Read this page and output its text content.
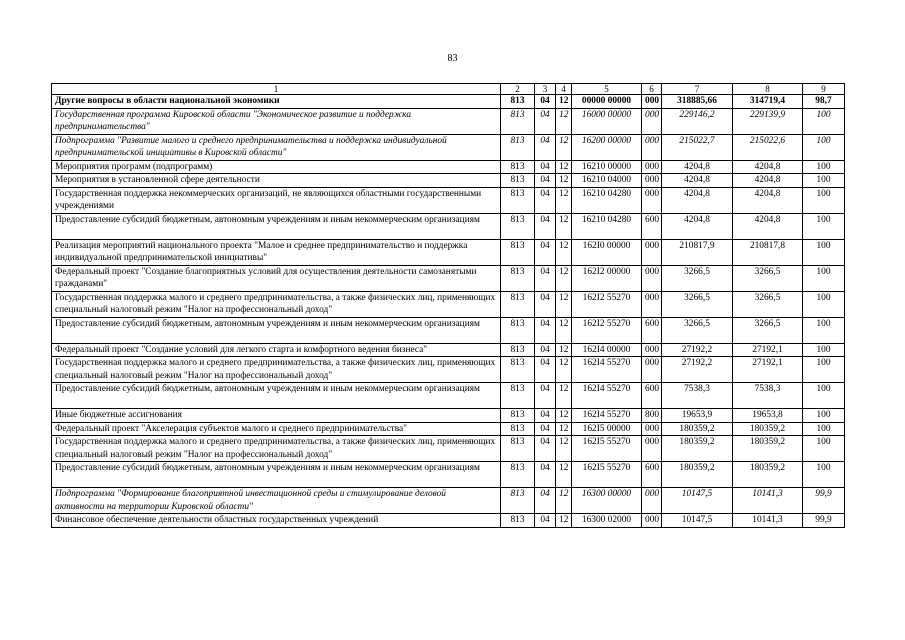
83
1	2	3	4	5	6	7	8	9
Другие вопросы в области национальной экономики	813	04	12	00000 00000	000	318885,66	314719,4	98,7
Государственная программа Кировской области "Экономическое развитие и поддержка предпринимательства"	813	04	12	16000 00000	000	229146,2	229139,9	100
Подпрограмма "Развитие малого и среднего предпринимательства и поддержка индивидуальной предпринимательской инициативы в Кировской области"	813	04	12	16200 00000	000	215022,7	215022,6	100
Мероприятия программ (подпрограмм)	813	04	12	16210 00000	000	4204,8	4204,8	100
Мероприятия в установленной сфере деятельности	813	04	12	16210 04000	000	4204,8	4204,8	100
Государственная поддержка некоммерческих организаций, не являющихся областными государственными учреждениями	813	04	12	16210 04280	000	4204,8	4204,8	100
Предоставление субсидий бюджетным, автономным учреждениям и иным некоммерческим организациям	813	04	12	16210 04280	600	4204,8	4204,8	100
Реализация мероприятий национального проекта "Малое и среднее предпринимательство и поддержка индивидуальной предпринимательской инициативы"	813	04	12	162I0 00000	000	210817,9	210817,8	100
Федеральный проект "Создание благоприятных условий для осуществления деятельности самозанятыми гражданами"	813	04	12	162I2 00000	000	3266,5	3266,5	100
Государственная поддержка малого и среднего предпринимательства, а также физических лиц, применяющих специальный налоговый режим "Налог на профессиональный доход"	813	04	12	162I2 55270	000	3266,5	3266,5	100
Предоставление субсидий бюджетным, автономным учреждениям и иным некоммерческим организациям	813	04	12	162I2 55270	600	3266,5	3266,5	100
Федеральный проект "Создание условий для легкого старта и комфортного ведения бизнеса"	813	04	12	162I4 00000	000	27192,2	27192,1	100
Государственная поддержка малого и среднего предпринимательства, а также физических лиц, применяющих специальный налоговый режим "Налог на профессиональный доход"	813	04	12	162I4 55270	000	27192,2	27192,1	100
Предоставление субсидий бюджетным, автономным учреждениям и иным некоммерческим организациям	813	04	12	162I4 55270	600	7538,3	7538,3	100
Иные бюджетные ассигнования	813	04	12	162I4 55270	800	19653,9	19653,8	100
Федеральный проект "Акселерация субъектов малого и среднего предпринимательства"	813	04	12	162I5 00000	000	180359,2	180359,2	100
Государственная поддержка малого и среднего предпринимательства, а также физических лиц, применяющих специальный налоговый режим "Налог на профессиональный доход"	813	04	12	162I5 55270	000	180359,2	180359,2	100
Предоставление субсидий бюджетным, автономным учреждениям и иным некоммерческим организациям	813	04	12	162I5 55270	600	180359,2	180359,2	100
Подпрограмма "Формирование благоприятной инвестиционной среды и стимулирование деловой активности на территории Кировской области"	813	04	12	16300 00000	000	10147,5	10141,3	99,9
Финансовое обеспечение деятельности областных государственных учреждений	813	04	12	16300 02000	000	10147,5	10141,3	99,9
